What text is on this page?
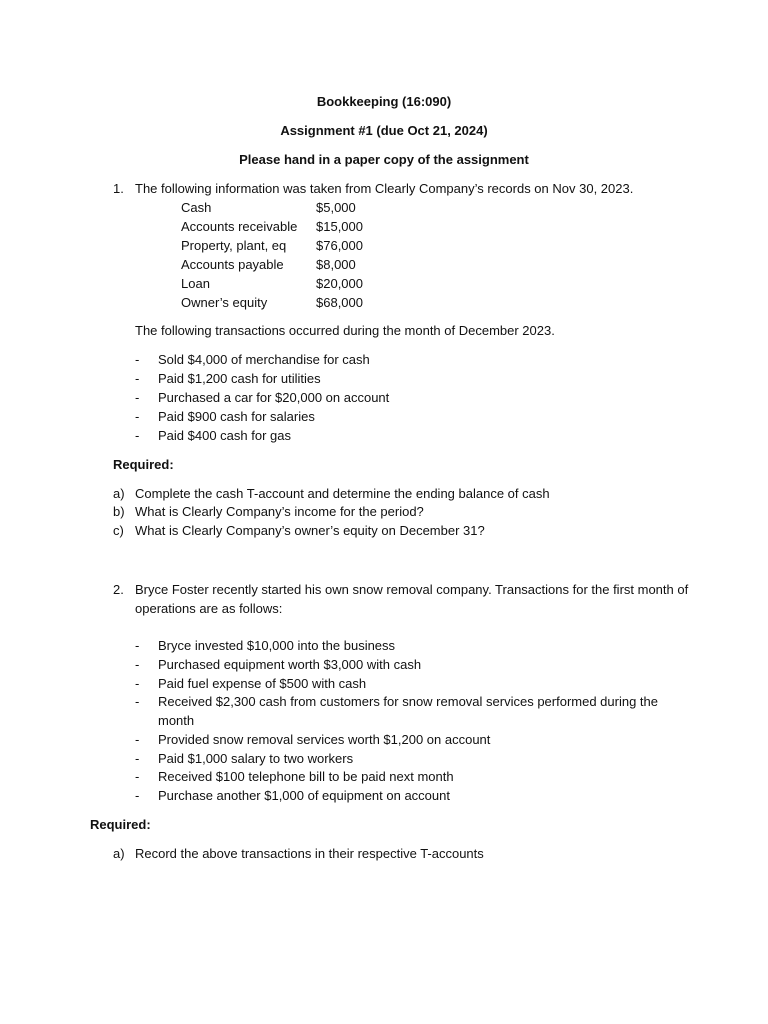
Bookkeeping (16:090)
Assignment #1 (due Oct 21, 2024)
Please hand in a paper copy of the assignment
1. The following information was taken from Clearly Company’s records on Nov 30, 2023.
Cash	$5,000
Accounts receivable $15,000
Property, plant, eq $76,000
Accounts payable $8,000
Loan	$20,000
Owner’s equity	$68,000
The following transactions occurred during the month of December 2023.
- Sold $4,000 of merchandise for cash
- Paid $1,200 cash for utilities
- Purchased a car for $20,000 on account
- Paid $900 cash for salaries
- Paid $400 cash for gas
Required:
a) Complete the cash T-account and determine the ending balance of cash
b) What is Clearly Company’s income for the period?
c) What is Clearly Company’s owner’s equity on December 31?
2. Bryce Foster recently started his own snow removal company. Transactions for the first month of
operations are as follows:
- Bryce invested $10,000 into the business
- Purchased equipment worth $3,000 with cash
- Paid fuel expense of $500 with cash
- Received $2,300 cash from customers for snow removal services performed during the
month
- Provided snow removal services worth $1,200 on account
- Paid $1,000 salary to two workers
- Received $100 telephone bill to be paid next month
- Purchase another $1,000 of equipment on account
Required:
a) Record the above transactions in their respective T-accounts
